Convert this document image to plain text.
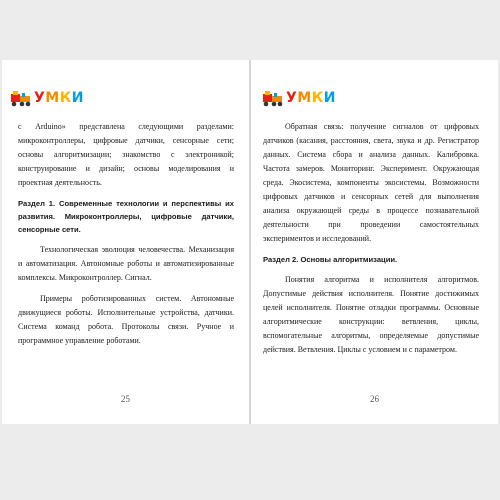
УМКИ

с Arduino» представлена следующими разделами: микроконтроллеры, цифровые датчики, сенсорные сети; основы алгоритмизации; знакомство с электроникой; конструирование и дизайн; основы моделирования и проектная деятельность.

Раздел 1. Современные технологии и перспективы их развития. Микроконтроллеры, цифровые датчики, сенсорные сети.

Технологическая эволюция человечества. Механизация и автоматизация. Автономные роботы и автоматизированные комплексы. Микроконтроллер. Сигнал.

Примеры роботизированных систем. Автономные движущиеся роботы. Исполнительные устройства, датчики. Система команд робота. Протоколы связи. Ручное и программное управление роботами.

25
УМКИ

Обратная связь: получение сигналов от цифровых датчиков (касания, расстояния, света, звука и др. Регистратор данных. Система сбора и анализа данных. Калибровка. Частота замеров. Мониторинг. Эксперимент. Окружающая среда. Экосистема, компоненты экосистемы. Возможности цифровых датчиков и сенсорных сетей для выполнения анализа окружающей среды в процессе познавательной деятельности при проведении самостоятельных экспериментов и исследований.

Раздел 2. Основы алгоритмизации.

Понятия алгоритма и исполнителя алгоритмов. Допустимые действия исполнителя. Понятие достижимых целей исполнителя. Понятие отладки программы. Основные алгоритмические конструкции: ветвления, циклы, вспомогательные алгоритмы, определяемые допустимые действия. Ветвления. Циклы с условием и с параметром.

26
